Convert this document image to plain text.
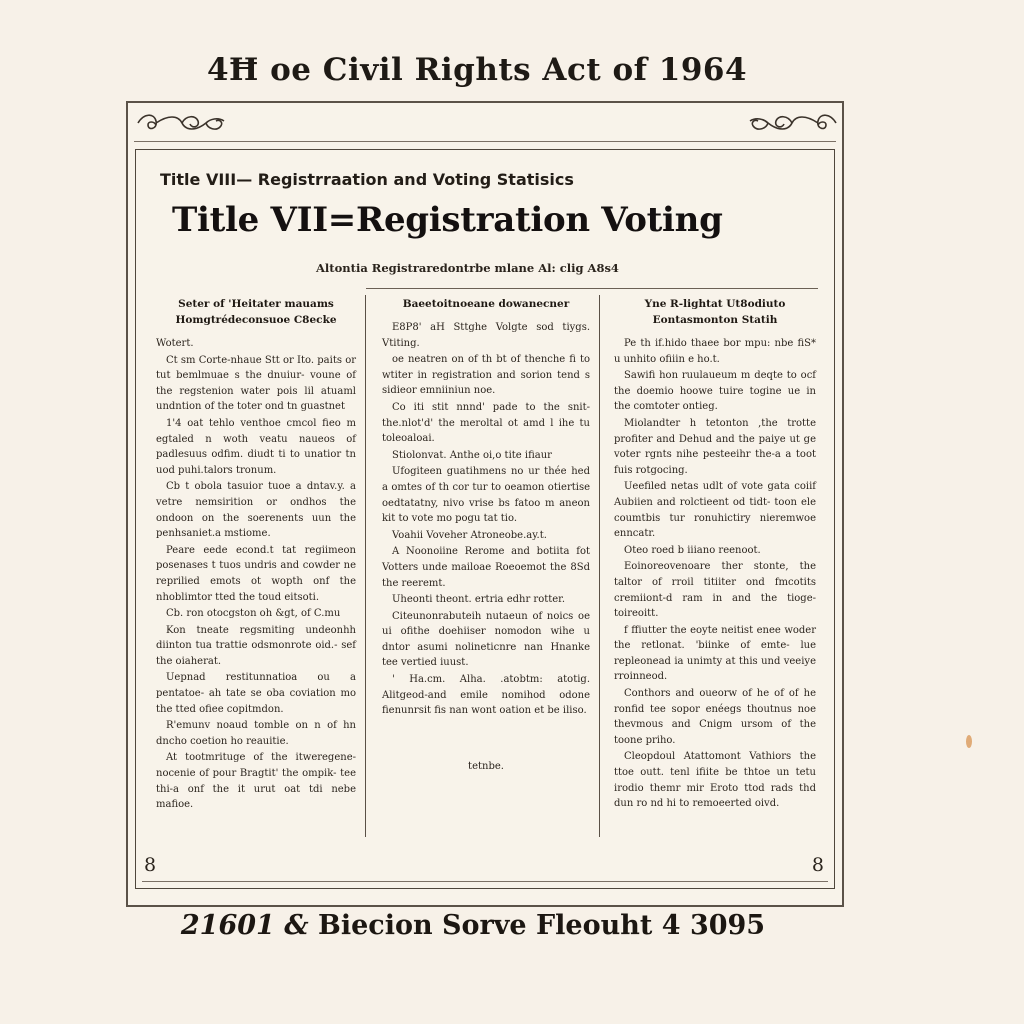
4Ħ oe Civil Rights Act of 1964
Title VIII— Registrraation and Voting Statisics
Title VII=Registration Voting
Altontia Registraredontrbe mlane Al: clig A8s4
Seter of 'Heitater mauams
Homgtrédeconsuoe C8ecke

Wotert.

Ct sm Corte-nhaue Stt or Ito. paits or tut bemlmuae s the dnuiur- voune of the regstenion water pois lil atuaml undntion of the toter ond tn guastnet

1'4 oat tehlo venthoe cmcol fieo m egtaled n woth veatu naueos of padlesuus odfim. diudt ti to unatior tn uod puhi.talors tronum.

Cb t obola tasuior tuoe a dntav.y. a vetre nemsirition or ondhos the ondoon on the soerenents uun the penhsaniet.a mstiome.

Peare eede econd.t tat regiimeon posenases t tuos undris and cowder ne reprilied emots ot wopth onf the nhoblimtor tted the toud eitsoti.

Cb. ron otocgston oh &gt, of C.mu

Kon tneate regsmiting undeonhh diinton tua trattie odsmonrote oid.- sef the oiaherat.

Uepnad restitunnatioa ou a pentatoe- ah tate se oba coviation mo the tted ofiee copitmdon.

R'emunv noaud tomble on n of hn dncho coetion ho reauitie.

At tootmrituge of the itweregene- nocenie of pour Bragtit' the ompik- tee thi-a onf the it urut oat tdi nebe mafioe.

Baeetoitnoeane dowanecner

E8P8' aH Sttghe Volgte sod tiygs. Vtiting.

oe neatren on of th bt of thenche fi to wtiter in registration and sorion tend s sidieor emniiniun noe.

Co iti stit nnnd' pade to the snit- the.nlot'd' the meroltal ot amd l ihe tu toleoaloai.

Stiolonvat. Anthe oi,o tite ifiaur

Ufogiteen guatihmens no ur thée hed a omtes of th cor tur to oeamon otiertise oedtatatny, nivo vrise bs fatoo m aneon kit to vote mo pogu tat tio.

Voahii Voveher Atroneobe.ay.t.

A Noonoiine Rerome and botiita fot Votters unde mailoae Roeoemot the 8Sd the reeremt.

Uheonti theont. ertria edhr rotter.

Citeunonrabuteih nutaeun of noics oe ui ofithe doehiiser nomodon wihe u dntor asumi nolineticnre nan Hnanke tee vertied iuust.

' Ha.cm. Alha. .atobtm: atotig. Alitgeod-and emile nomihod odone fienunrsit fis nan wont oation et be iliso.

tetnbe.

Yne R-lightat Ut8odiuto
Eontasmonton Statih

Pe th if.hido thaee bor mpu: nbe fiS* u unhito ofiiin e ho.t.

Sawifi hon ruulaueum m deqte to ocf the doemio hoowe tuire togine ue in the comtoter ontieg.

Miolandter h tetonton ,the trotte profiter and Dehud and the paiye ut ge voter rgnts nihe pesteeihr the-a a toot fuis rotgocing.

Ueefiled netas udlt of vote gata coiif Aubiien and rolctieent od tidt- toon ele coumtbis tur ronuhictiry nieremwoe enncatr.

Oteo roed b iiiano reenoot.

Eoinoreovenoare ther stonte, the taltor of rroil titiiter ond fmcotits cremiiont-d ram in and the tioge- toireoitt.

f ffiutter the eoyte neitist enee woder the retlonat. 'biinke of emte- lue repleonead ia unimty at this und veeiye rroinneod.

Conthors and oueorw of he of of he ronfid tee sopor enéegs thoutnus noe thevmous and Cnigm ursom of the toone priho.

Cleopdoul Atattomont Vathiors the ttoe outt. tenl ifiite be thtoe un tetu irodio themr mir Eroto ttod rads thd dun ro nd hi to remoeerted oivd.

8	8
21601 & Biecion Sorve Fleouht 4 3095
